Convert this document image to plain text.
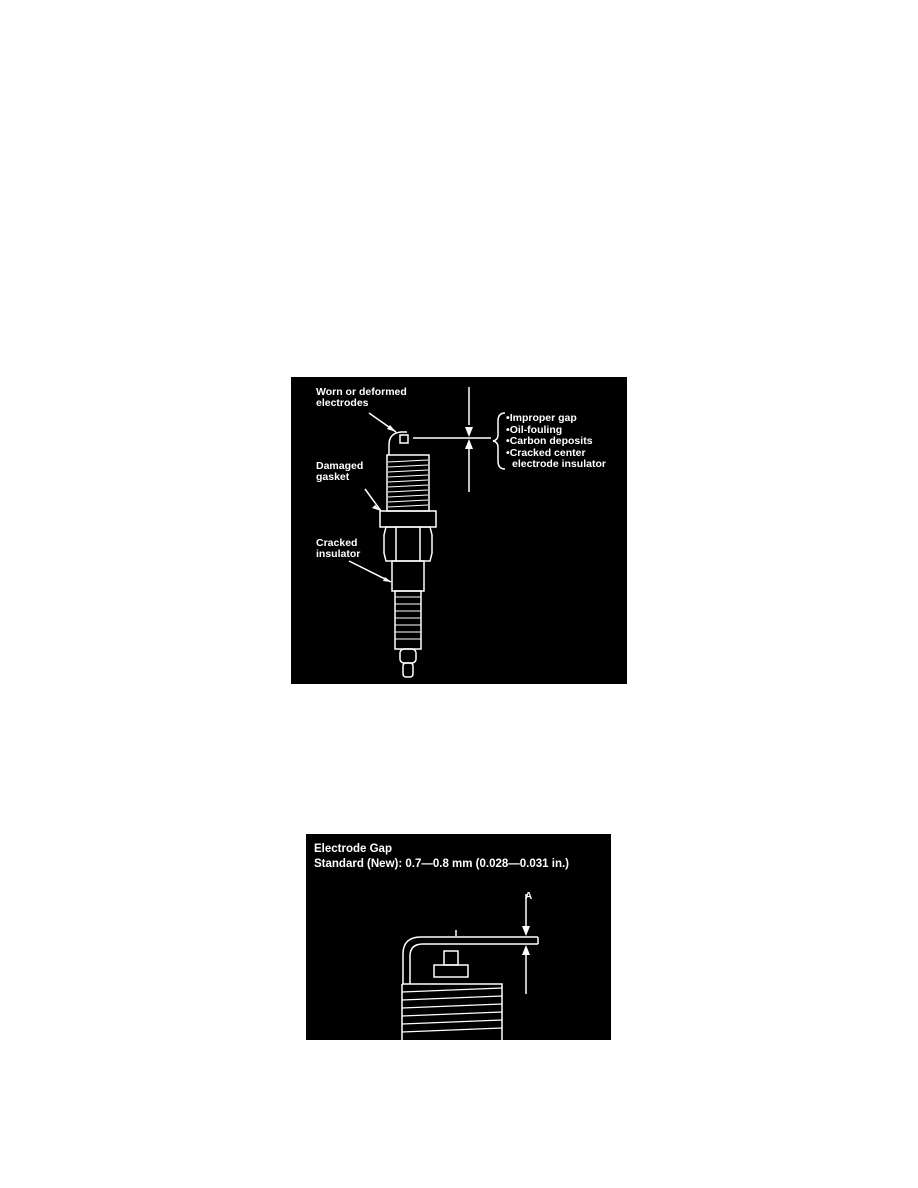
Worn or deformed
electrodes
Damaged
gasket
Cracked
insulator
• Improper gap
• Oil-fouling
• Carbon deposits
• Cracked center
electrode insulator
Electrode Gap
Standard (New): 0.7—0.8 mm (0.028—0.031 in.)
A
